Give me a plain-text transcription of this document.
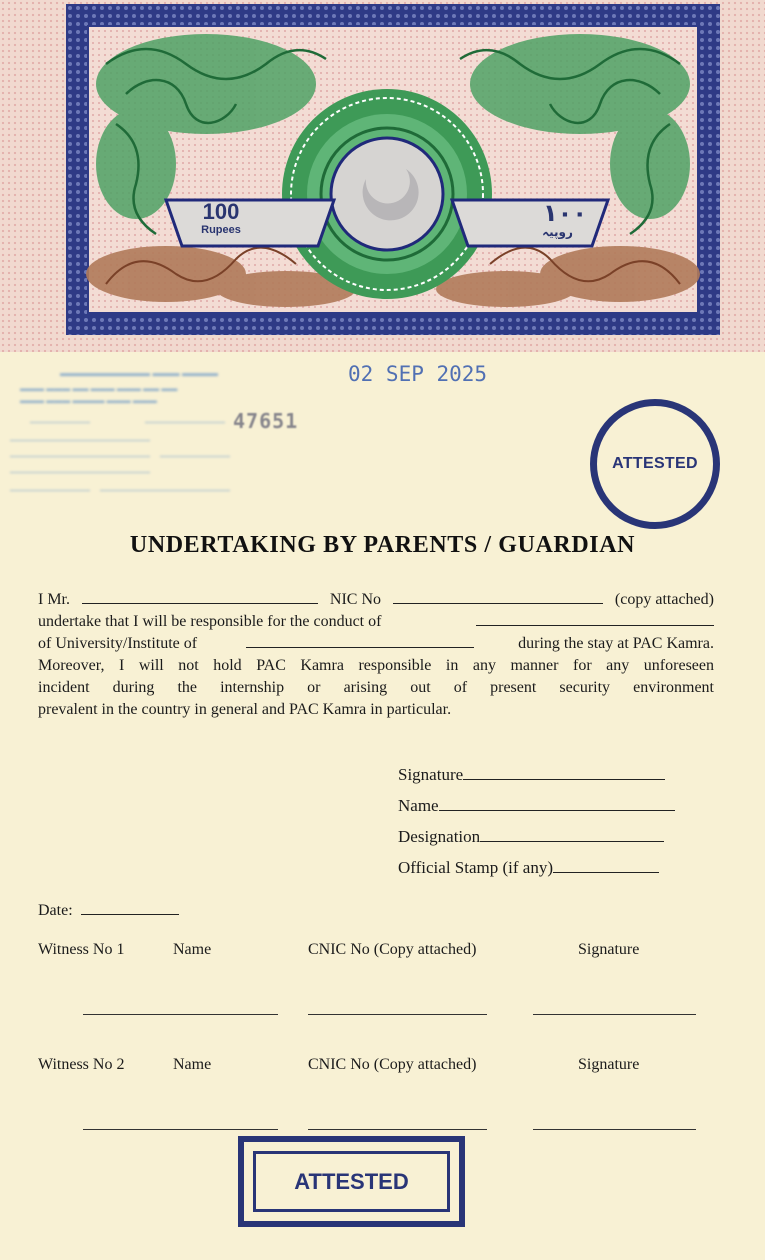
100
Rupees
۱۰۰
روپیہ
▬▬▬▬▬▬▬▬▬▬ ▬▬▬ ▬▬▬▬
▬▬▬ ▬▬▬ ▬▬ ▬▬▬ ▬▬▬ ▬▬ ▬▬
▬▬▬ ▬▬▬ ▬▬▬▬ ▬▬▬ ▬▬▬
47651
02 SEP 2025
ATTESTED
UNDERTAKING BY PARENTS / GUARDIAN
I Mr.	NIC No	(copy attached)
undertake that I will be responsible for the conduct of
of University/Institute of	during the stay at PAC Kamra.
Moreover, I will not hold PAC Kamra responsible in any manner for any unforeseen
incident during the internship or arising out of present security environment
prevalent in the country in general and PAC Kamra in particular.
Signature
Name
Designation
Official Stamp (if any)
Date:
Witness No 1	Name	CNIC No (Copy attached)	Signature
Witness No 2	Name	CNIC No (Copy attached)	Signature
ATTESTED
